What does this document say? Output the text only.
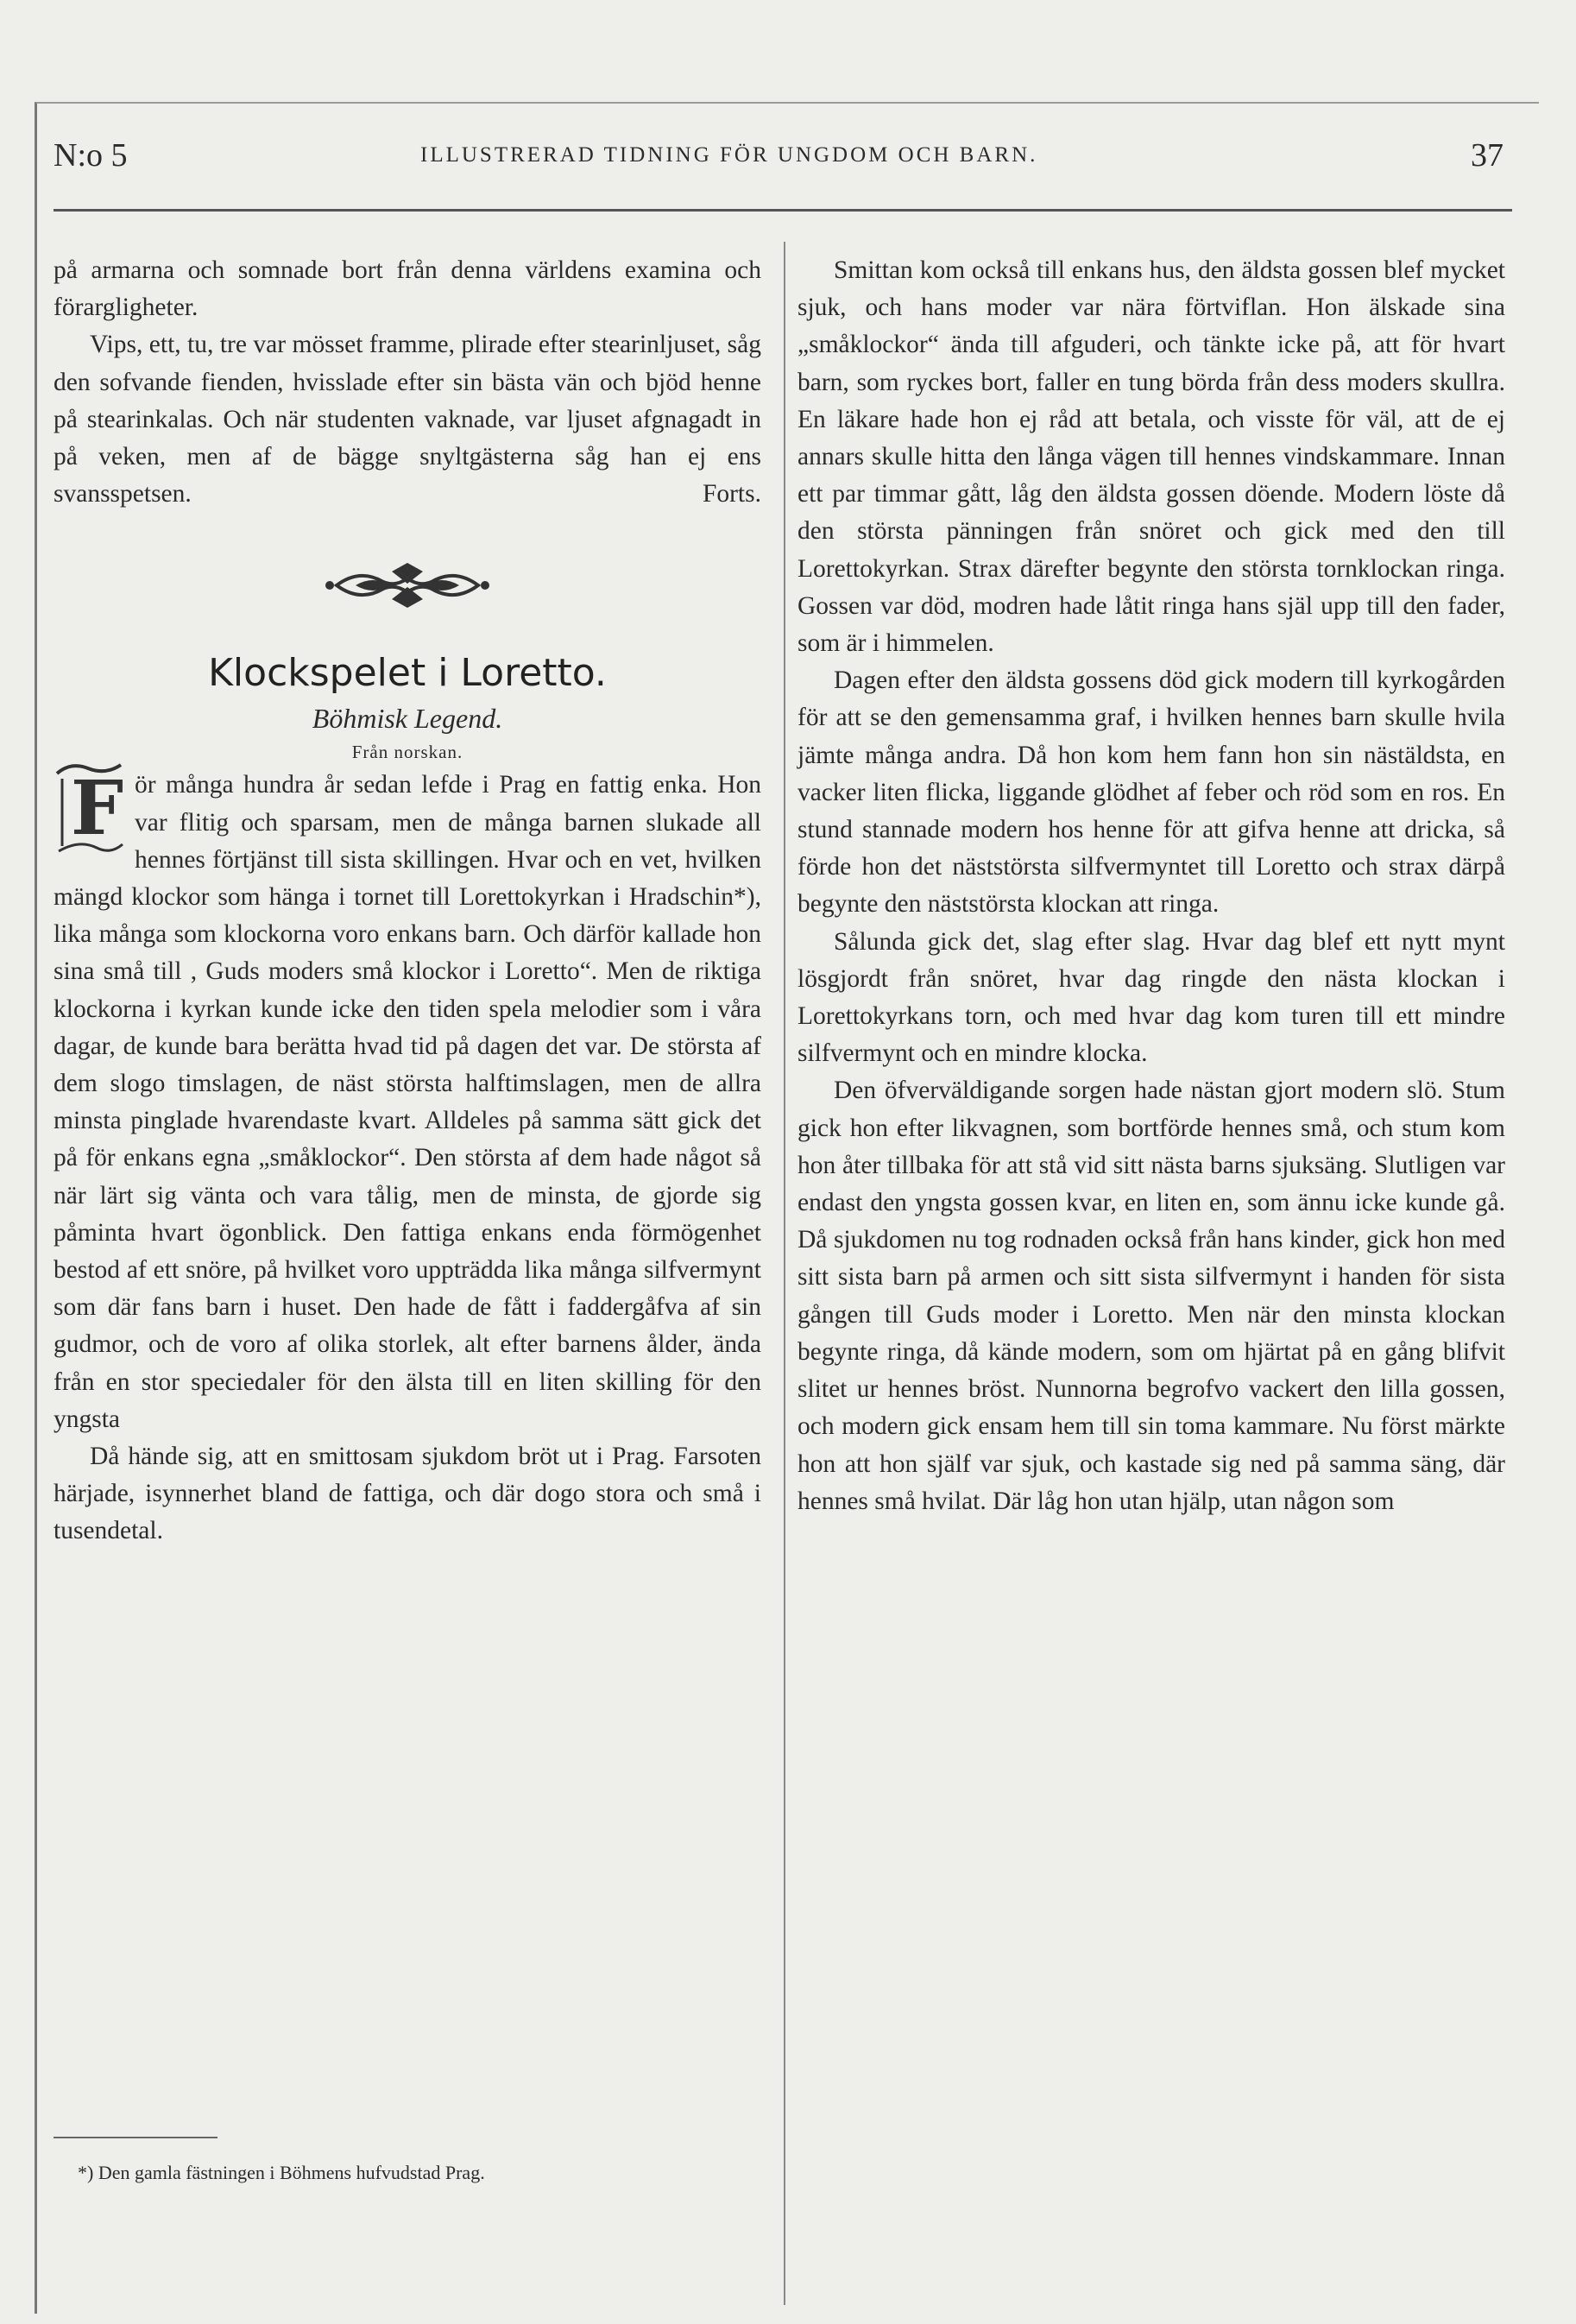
N:o 5	ILLUSTRERAD TIDNING FÖR UNGDOM OCH BARN.	37

på armarna och somnade bort från denna världens examina och förargligheter.

Vips, ett, tu, tre var mösset framme, plirade efter stearinljuset, såg den sofvande fienden, hvisslade efter sin bästa vän och bjöd henne på stearinkalas. Och när studenten vaknade, var ljuset afgnagadt in på veken, men af de bägge snyltgästerna såg han ej ens svansspetsen.	Forts.

Klockspelet i Loretto.

Böhmisk Legend.

Från norskan.

F ör många hundra år sedan lefde i Prag en fattig enka. Hon var flitig och sparsam, men de många barnen slukade all hennes förtjänst till sista skillingen. Hvar och en vet, hvilken mängd klockor som hänga i tornet till Lorettokyrkan i Hradschin*), lika många som klockorna voro enkans barn. Och därför kallade hon sina små till , Guds moders små klockor i Loretto“. Men de riktiga klockorna i kyrkan kunde icke den tiden spela melodier som i våra dagar, de kunde bara berätta hvad tid på dagen det var. De största af dem slogo timslagen, de näst största halftimslagen, men de allra minsta pinglade hvarendaste kvart. Alldeles på samma sätt gick det på för enkans egna „småklockor“. Den största af dem hade något så när lärt sig vänta och vara tålig, men de minsta, de gjorde sig påminta hvart ögonblick. Den fattiga enkans enda förmögenhet bestod af ett snöre, på hvilket voro uppträdda lika många silfvermynt som där fans barn i huset. Den hade de fått i faddergåfva af sin gudmor, och de voro af olika storlek, alt efter barnens ålder, ända från en stor speciedaler för den älsta till en liten skilling för den yngsta

Då hände sig, att en smittosam sjukdom bröt ut i Prag. Farsoten härjade, isynnerhet bland de fattiga, och där dogo stora och små i tusendetal.

*) Den gamla fästningen i Böhmens hufvudstad Prag.

Smittan kom också till enkans hus, den äldsta gossen blef mycket sjuk, och hans moder var nära förtviflan. Hon älskade sina „småklockor“ ända till afguderi, och tänkte icke på, att för hvart barn, som ryckes bort, faller en tung börda från dess moders skullra. En läkare hade hon ej råd att betala, och visste för väl, att de ej annars skulle hitta den långa vägen till hennes vindskammare. Innan ett par timmar gått, låg den äldsta gossen döende. Modern löste då den största pänningen från snöret och gick med den till Lorettokyrkan. Strax därefter begynte den största tornklockan ringa. Gossen var död, modren hade låtit ringa hans själ upp till den fader, som är i himmelen.

Dagen efter den äldsta gossens död gick modern till kyrkogården för att se den gemensamma graf, i hvilken hennes barn skulle hvila jämte många andra. Då hon kom hem fann hon sin nästäldsta, en vacker liten flicka, liggande glödhet af feber och röd som en ros. En stund stannade modern hos henne för att gifva henne att dricka, så förde hon det näststörsta silfvermyntet till Loretto och strax därpå begynte den näststörsta klockan att ringa.

Sålunda gick det, slag efter slag. Hvar dag blef ett nytt mynt lösgjordt från snöret, hvar dag ringde den nästa klockan i Lorettokyrkans torn, och med hvar dag kom turen till ett mindre silfvermynt och en mindre klocka.

Den öfverväldigande sorgen hade nästan gjort modern slö. Stum gick hon efter likvagnen, som bortförde hennes små, och stum kom hon åter tillbaka för att stå vid sitt nästa barns sjuksäng. Slutligen var endast den yngsta gossen kvar, en liten en, som ännu icke kunde gå. Då sjukdomen nu tog rodnaden också från hans kinder, gick hon med sitt sista barn på armen och sitt sista silfvermynt i handen för sista gången till Guds moder i Loretto. Men när den minsta klockan begynte ringa, då kände modern, som om hjärtat på en gång blifvit slitet ur hennes bröst. Nunnorna begrofvo vackert den lilla gossen, och modern gick ensam hem till sin toma kammare. Nu först märkte hon att hon själf var sjuk, och kastade sig ned på samma säng, där hennes små hvilat. Där låg hon utan hjälp, utan någon som
